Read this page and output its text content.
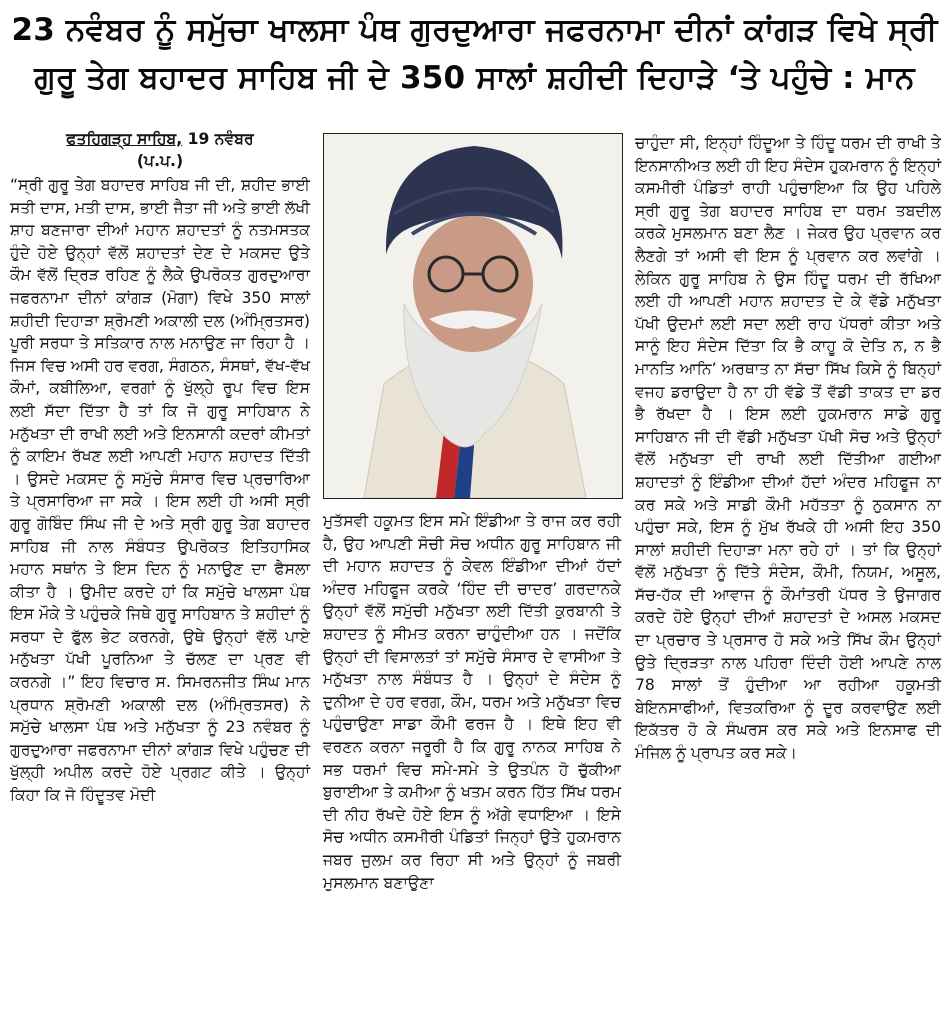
23 ਨਵੰਬਰ ਨੂੰ ਸਮੁੱਚਾ ਖਾਲਸਾ ਪੰਥ ਗੁਰਦੁਆਰਾ ਜਫਰਨਾਮਾ ਦੀਨਾਂ ਕਾਂਗੜ ਵਿਖੇ ਸ੍ਰੀ
ਗੁਰੂ ਤੇਗ ਬਹਾਦਰ ਸਾਹਿਬ ਜੀ ਦੇ 350 ਸਾਲਾਂ ਸ਼ਹੀਦੀ ਦਿਹਾੜੇ ‘ਤੇ ਪਹੁੰਚੇ : ਮਾਨ
ਫਤਹਿਗੜ੍ਹ ਸਾਹਿਬ, 19 ਨਵੰਬਰ
(ਪ.ਪ.)

“ਸ੍ਰੀ ਗੁਰੂ ਤੇਗ ਬਹਾਦਰ ਸਾਹਿਬ ਜੀ ਦੀ, ਸ਼ਹੀਦ ਭਾਈ ਸਤੀ ਦਾਸ, ਮਤੀ ਦਾਸ, ਭਾਈ ਜੈਤਾ ਜੀ ਅਤੇ ਭਾਈ ਲੱਖੀ ਸ਼ਾਹ ਬਣਜਾਰਾ ਦੀਆਂ ਮਹਾਨ ਸ਼ਹਾਦਤਾਂ ਨੂੰ ਨਤਮਸਤਕ ਹੁੰਦੇ ਹੋਏ ਉਨ੍ਹਾਂ ਵੱਲੋਂ ਸ਼ਹਾਦਤਾਂ ਦੇਣ ਦੇ ਮਕਸਦ ਉਤੇ ਕੌਮ ਵੱਲੋਂ ਦ੍ਰਿੜ ਰਹਿਣ ਨੂੰ ਲੈਕੇ ਉਪਰੋਕਤ ਗੁਰਦੁਆਰਾ ਜਫਰਨਾਮਾ ਦੀਨਾਂ ਕਾਂਗੜ (ਮੋਗਾ) ਵਿਖੇ 350 ਸਾਲਾਂ ਸ਼ਹੀਦੀ ਦਿਹਾੜਾ ਸ਼੍ਰੋਮਣੀ ਅਕਾਲੀ ਦਲ (ਅੰਮ੍ਰਿਤਸਰ) ਪੂਰੀ ਸਰਧਾ ਤੇ ਸਤਿਕਾਰ ਨਾਲ ਮਨਾਉਣ ਜਾ ਰਿਹਾ ਹੈ । ਜਿਸ ਵਿਚ ਅਸੀ ਹਰ ਵਰਗ, ਸੰਗਠਨ, ਸੰਸਥਾਂ, ਵੱਖ-ਵੱਖ ਕੌਮਾਂ, ਕਬੀਲਿਆ, ਵਰਗਾਂ ਨੂੰ ਖੁੱਲ੍ਹੇ ਰੂਪ ਵਿਚ ਇਸ ਲਈ ਸੱਦਾ ਦਿੱਤਾ ਹੈ ਤਾਂ ਕਿ ਜੋ ਗੁਰੂ ਸਾਹਿਬਾਨ ਨੇ ਮਨੁੱਖਤਾ ਦੀ ਰਾਖੀ ਲਈ ਅਤੇ ਇਨਸਾਨੀ ਕਦਰਾਂ ਕੀਮਤਾਂ ਨੂੰ ਕਾਇਮ ਰੱਖਣ ਲਈ ਆਪਣੀ ਮਹਾਨ ਸ਼ਹਾਦਤ ਦਿੱਤੀ । ਉਸਦੇ ਮਕਸਦ ਨੂੰ ਸਮੁੱਚੇ ਸੰਸਾਰ ਵਿਚ ਪ੍ਰਚਾਰਿਆ ਤੇ ਪ੍ਰਸਾਰਿਆ ਜਾ ਸਕੇ । ਇਸ ਲਈ ਹੀ ਅਸੀ ਸ੍ਰੀ ਗੁਰੂ ਗੋਬਿੰਦ ਸਿੰਘ ਜੀ ਦੇ ਅਤੇ ਸ੍ਰੀ ਗੁਰੂ ਤੇਗ ਬਹਾਦਰ ਸਾਹਿਬ ਜੀ ਨਾਲ ਸੰਬੰਧਤ ਉਪਰੋਕਤ ਇਤਿਹਾਸਿਕ ਮਹਾਨ ਸਥਾਂਨ ਤੇ ਇਸ ਦਿਨ ਨੂੰ ਮਨਾਉਣ ਦਾ ਫੈਸਲਾ ਕੀਤਾ ਹੈ । ਉਮੀਦ ਕਰਦੇ ਹਾਂ ਕਿ ਸਮੁੱਚੇ ਖਾਲਸਾ ਪੰਥ ਇਸ ਮੌਕੇ ਤੇ ਪਹੁੰਚਕੇ ਜਿਥੇ ਗੁਰੂ ਸਾਹਿਬਾਨ ਤੇ ਸ਼ਹੀਦਾਂ ਨੂੰ ਸਰਧਾ ਦੇ ਫੁੱਲ ਭੇਟ ਕਰਨਗੇ, ਉਥੇ ਉਨ੍ਹਾਂ ਵੱਲੋਂ ਪਾਏ ਮਨੁੱਖਤਾ ਪੱਖੀ ਪੂਰਨਿਆ ਤੇ ਚੱਲਣ ਦਾ ਪ੍ਰਣ ਵੀ ਕਰਨਗੇ ।” ਇਹ ਵਿਚਾਰ ਸ. ਸਿਮਰਨਜੀਤ ਸਿੰਘ ਮਾਨ ਪ੍ਰਧਾਨ ਸ਼੍ਰੋਮਣੀ ਅਕਾਲੀ ਦਲ (ਅੰਮ੍ਰਿਤਸਰ) ਨੇ ਸਮੁੱਚੇ ਖਾਲਸਾ ਪੰਥ ਅਤੇ ਮਨੁੱਖਤਾ ਨੂੰ 23 ਨਵੰਬਰ ਨੂੰ ਗੁਰਦੁਆਰਾ ਜਫਰਨਾਮਾ ਦੀਨਾਂ ਕਾਂਗੜ ਵਿਖੇ ਪਹੁੰਚਣ ਦੀ ਖੁੱਲ੍ਹੀ ਅਪੀਲ ਕਰਦੇ ਹੋਏ ਪ੍ਰਗਟ ਕੀਤੇ । ਉਨ੍ਹਾਂ ਕਿਹਾ ਕਿ ਜੋ ਹਿੰਦੂਤਵ ਮੋਦੀ

ਮੁਤੱਸਵੀ ਹਕੂਮਤ ਇਸ ਸਮੇ ਇੰਡੀਆ ਤੇ ਰਾਜ ਕਰ ਰਹੀ ਹੈ, ਉਹ ਆਪਣੀ ਸੋਚੀ ਸੋਚ ਅਧੀਨ ਗੁਰੂ ਸਾਹਿਬਾਨ ਜੀ ਦੀ ਮਹਾਨ ਸ਼ਹਾਦਤ ਨੂੰ ਕੇਵਲ ਇੰਡੀਆ ਦੀਆਂ ਹੱਦਾਂ ਅੰਦਰ ਮਹਿਫੂਜ ਕਰਕੇ ‘ਹਿੰਦ ਦੀ ਚਾਦਰ’ ਗਰਦਾਨਕੇ ਉਨ੍ਹਾਂ ਵੱਲੋਂ ਸਮੁੱਚੀ ਮਨੁੱਖਤਾ ਲਈ ਦਿੱਤੀ ਕੁਰਬਾਨੀ ਤੇ ਸ਼ਹਾਦਤ ਨੂੰ ਸੀਮਤ ਕਰਨਾ ਚਾਹੁੰਦੀਆ ਹਨ । ਜਦੋਂਕਿ ਉਨ੍ਹਾਂ ਦੀ ਵਿਸਾਲਤਾਂ ਤਾਂ ਸਮੁੱਚੇ ਸੰਸਾਰ ਦੇ ਵਾਸੀਆ ਤੇ ਮਨੁੱਖਤਾ ਨਾਲ ਸੰਬੰਧਤ ਹੈ । ਉਨ੍ਹਾਂ ਦੇ ਸੰਦੇਸ ਨੂੰ ਦੁਨੀਆ ਦੇ ਹਰ ਵਰਗ, ਕੌਮ, ਧਰਮ ਅਤੇ ਮਨੁੱਖਤਾ ਵਿਚ ਪਹੁੰਚਾਉਣਾ ਸਾਡਾ ਕੌਮੀ ਫਰਜ ਹੈ । ਇਥੇ ਇਹ ਵੀ ਵਰਣਨ ਕਰਨਾ ਜਰੂਰੀ ਹੈ ਕਿ ਗੁਰੂ ਨਾਨਕ ਸਾਹਿਬ ਨੇ ਸਭ ਧਰਮਾਂ ਵਿਚ ਸਮੇ-ਸਮੇ ਤੇ ਉਤਪੰਨ ਹੋ ਚੁੱਕੀਆ ਬੁਰਾਈਆ ਤੇ ਕਮੀਆ ਨੂੰ ਖਤਮ ਕਰਨ ਹਿੱਤ ਸਿੱਖ ਧਰਮ ਦੀ ਨੀਹ ਰੱਖਦੇ ਹੋਏ ਇਸ ਨੂੰ ਅੱਗੇ ਵਧਾਇਆ । ਇਸੇ ਸੋਚ ਅਧੀਨ ਕਸਮੀਰੀ ਪੰਡਿਤਾਂ ਜਿਨ੍ਹਾਂ ਉਤੇ ਹੁਕਮਰਾਨ ਜਬਰ ਜੁਲਮ ਕਰ ਰਿਹਾ ਸੀ ਅਤੇ ਉਨ੍ਹਾਂ ਨੂੰ ਜਬਰੀ ਮੁਸਲਮਾਨ ਬਣਾਉਣਾ

ਚਾਹੁੰਦਾ ਸੀ, ਇਨ੍ਹਾਂ ਹਿੰਦੂਆ ਤੇ ਹਿੰਦੂ ਧਰਮ ਦੀ ਰਾਖੀ ਤੇ ਇਨਸਾਨੀਅਤ ਲਈ ਹੀ ਇਹ ਸੰਦੇਸ ਹੁਕਮਰਾਨ ਨੂੰ ਇਨ੍ਹਾਂ ਕਸਮੀਰੀ ਪੰਡਿਤਾਂ ਰਾਹੀ ਪਹੁੰਚਾਇਆ ਕਿ ਉਹ ਪਹਿਲੇ ਸ੍ਰੀ ਗੁਰੂ ਤੇਗ ਬਹਾਦਰ ਸਾਹਿਬ ਦਾ ਧਰਮ ਤਬਦੀਲ ਕਰਕੇ ਮੁਸਲਮਾਨ ਬਣਾ ਲੈਣ । ਜੇਕਰ ਉਹ ਪ੍ਰਵਾਨ ਕਰ ਲੈਣਗੇ ਤਾਂ ਅਸੀ ਵੀ ਇਸ ਨੂੰ ਪ੍ਰਵਾਨ ਕਰ ਲਵਾਂਗੇ । ਲੇਕਿਨ ਗੁਰੂ ਸਾਹਿਬ ਨੇ ਉਸ ਹਿੰਦੂ ਧਰਮ ਦੀ ਰੱਖਿਆ ਲਈ ਹੀ ਆਪਣੀ ਮਹਾਨ ਸ਼ਹਾਦਤ ਦੇ ਕੇ ਵੱਡੇ ਮਨੁੱਖਤਾ ਪੱਖੀ ਉਦਮਾਂ ਲਈ ਸਦਾ ਲਈ ਰਾਹ ਪੱਧਰਾਂ ਕੀਤਾ ਅਤੇ ਸਾਨੂੰ ਇਹ ਸੰਦੇਸ ਦਿੱਤਾ ਕਿ ਭੈ ਕਾਹੂ ਕੋ ਦੇਤਿ ਨ, ਨ ਭੈ ਮਾਨਤਿ ਆਨਿ’ ਅਰਥਾਤ ਨਾ ਸੱਚਾ ਸਿੱਖ ਕਿਸੇ ਨੂੰ ਬਿਨ੍ਹਾਂ ਵਜਹ ਡਰਾਉਦਾ ਹੈ ਨਾ ਹੀ ਵੱਡੇ ਤੋਂ ਵੱਡੀ ਤਾਕਤ ਦਾ ਡਰ ਭੈ ਰੱਖਦਾ ਹੈ । ਇਸ ਲਈ ਹੁਕਮਰਾਨ ਸਾਡੇ ਗੁਰੂ ਸਾਹਿਬਾਨ ਜੀ ਦੀ ਵੱਡੀ ਮਨੁੱਖਤਾ ਪੱਖੀ ਸੋਚ ਅਤੇ ਉਨ੍ਹਾਂ ਵੱਲੋਂ ਮਨੁੱਖਤਾ ਦੀ ਰਾਖੀ ਲਈ ਦਿੱਤੀਆ ਗਈਆ ਸ਼ਹਾਦਤਾਂ ਨੂੰ ਇੰਡੀਆ ਦੀਆਂ ਹੱਦਾਂ ਅੰਦਰ ਮਹਿਫੂਜ ਨਾ ਕਰ ਸਕੇ ਅਤੇ ਸਾਡੀ ਕੌਮੀ ਮਹੱਤਤਾ ਨੂੰ ਨੁਕਸਾਨ ਨਾ ਪਹੁੰਚਾ ਸਕੇ, ਇਸ ਨੂੰ ਮੁੱਖ ਰੱਖਕੇ ਹੀ ਅਸੀ ਇਹ 350 ਸਾਲਾਂ ਸ਼ਹੀਦੀ ਦਿਹਾੜਾ ਮਨਾ ਰਹੇ ਹਾਂ । ਤਾਂ ਕਿ ਉਨ੍ਹਾਂ ਵੱਲੋਂ ਮਨੁੱਖਤਾ ਨੂੰ ਦਿੱਤੇ ਸੰਦੇਸ, ਕੌਮੀ, ਨਿਯਮ, ਅਸੂਲ, ਸੱਚ-ਹੱਕ ਦੀ ਆਵਾਜ ਨੂੰ ਕੌਮਾਂਤਰੀ ਪੱਧਰ ਤੇ ਉਜਾਗਰ ਕਰਦੇ ਹੋਏ ਉਨ੍ਹਾਂ ਦੀਆਂ ਸ਼ਹਾਦਤਾਂ ਦੇ ਅਸਲ ਮਕਸਦ ਦਾ ਪ੍ਰਚਾਰ ਤੇ ਪ੍ਰਸਾਰ ਹੋ ਸਕੇ ਅਤੇ ਸਿੱਖ ਕੌਮ ਉਨ੍ਹਾਂ ਉਤੇ ਦ੍ਰਿੜਤਾ ਨਾਲ ਪਹਿਰਾ ਦਿੰਦੀ ਹੋਈ ਆਪਣੇ ਨਾਲ 78 ਸਾਲਾਂ ਤੋਂ ਹੁੰਦੀਆ ਆ ਰਹੀਆ ਹਕੂਮਤੀ ਬੇਇਨਸਾਫੀਆਂ, ਵਿਤਕਰਿਆ ਨੂੰ ਦੂਰ ਕਰਵਾਉਣ ਲਈ ਇਕੱਤਰ ਹੋ ਕੇ ਸੰਘਰਸ ਕਰ ਸਕੇ ਅਤੇ ਇਨਸਾਫ ਦੀ ਮੰਜਿਲ ਨੂੰ ਪ੍ਰਾਪਤ ਕਰ ਸਕੇ।
